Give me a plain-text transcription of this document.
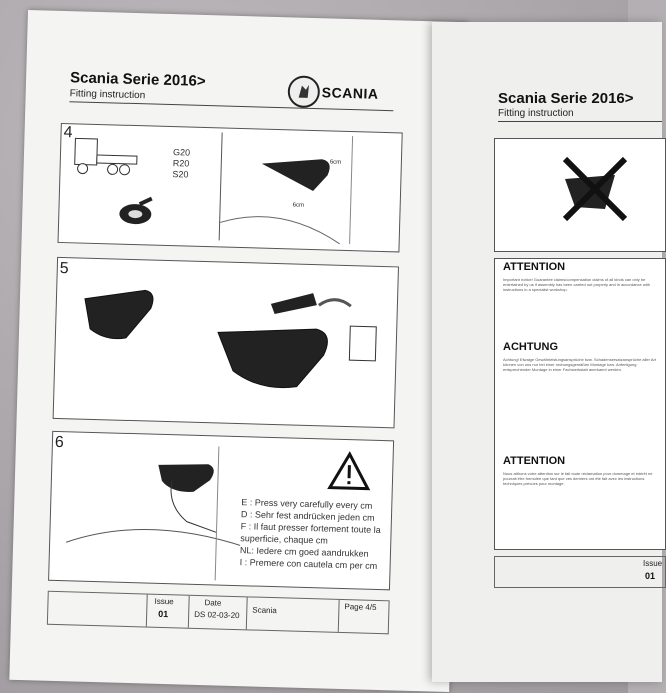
Scania Serie 2016>
Fitting instruction	SCANIA
4
G20
R20
S20
6cm
6cm
5
6
E : Press very carefully every cm
D : Sehr fest andrücken jeden cm
F : Il faut presser fortement toute la
superficie, chaque cm
NL: Iedere cm goed aandrukken
I : Premere con cautela cm per cm
Issue
01
Date
DS 02-03-20 Scania	Page 4/5
Scania Serie 2016>
Fitting instruction
ATTENTION
Important notice! Guarantee claims/compensation claims of all kinds can only be entertained by us if assembly has been carried out properly and in accordance with instructions in a specialist workshop.
ACHTUNG
Achtung! Etwaige Gewährleistungsansprüche bzw. Schadensersatzansprüche aller Art können von uns nur bei einer ordnungsgemäßen Montage bzw. Anfertigung entsprechender Montage in einer Fachwerkstatt anerkannt werden.
ATTENTION
Nous attirons votre attention sur le fait toute réclamation pour dommage et intérêt ne pourrait être formulée que tant que ces derniers ont été fait avec les instructions techniques prévues pour montage.
Issue
01
